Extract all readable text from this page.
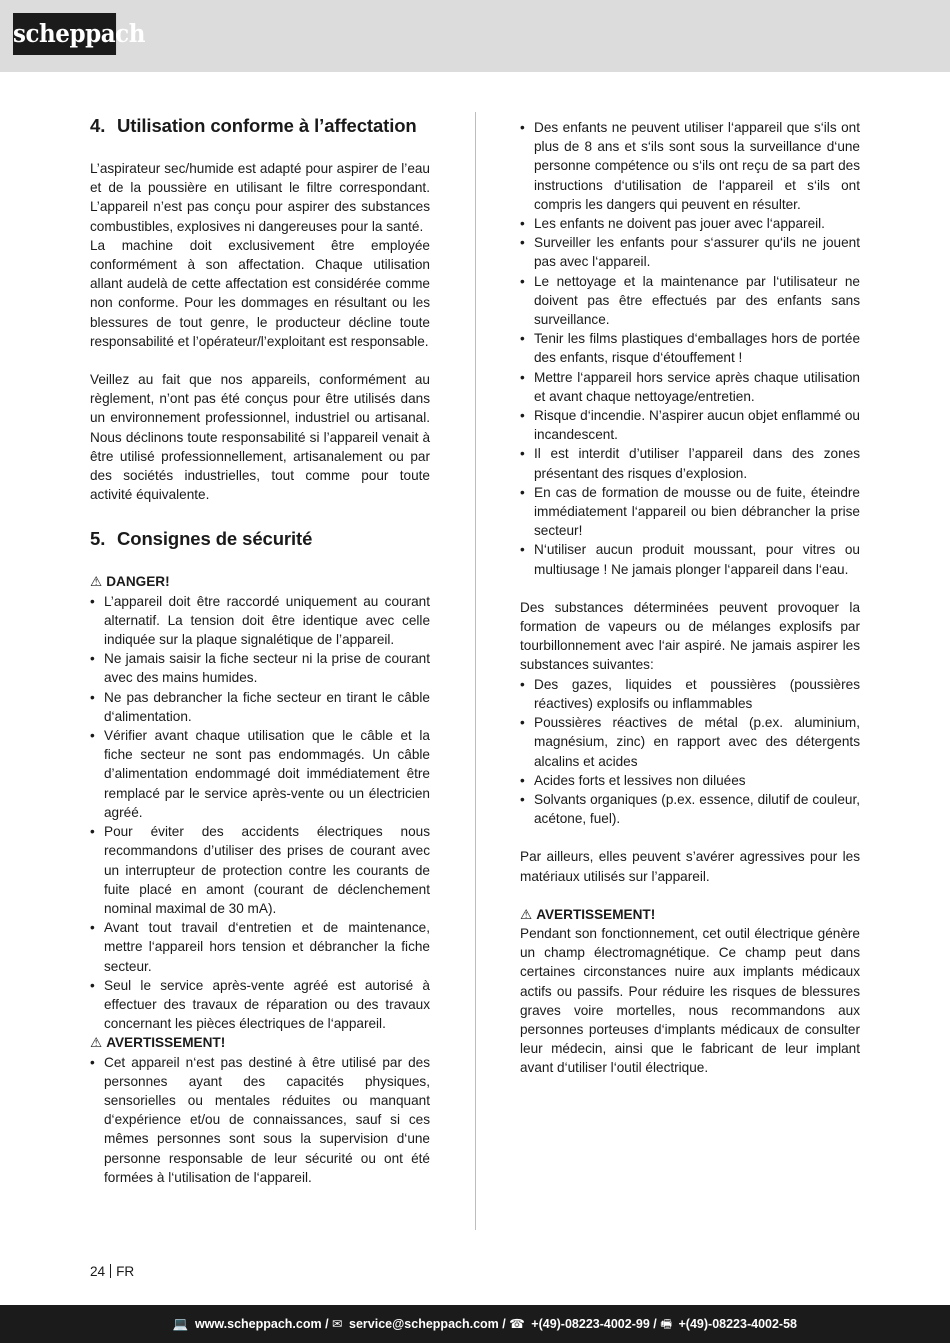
scheppach
4. Utilisation conforme à l’affectation

L’aspirateur sec/humide est adapté pour aspirer de l’eau et de la poussière en utilisant le filtre correspondant. L’appareil n’est pas conçu pour aspirer des substances combustibles, explosives ni dangereuses pour la santé.

La machine doit exclusivement être employée conformément à son affectation. Chaque utilisation allant audelà de cette affectation est considérée comme non conforme. Pour les dommages en résultant ou les blessures de tout genre, le producteur décline toute responsabilité et l’opérateur/l’exploitant est responsable.

Veillez au fait que nos appareils, conformément au règlement, n’ont pas été conçus pour être utilisés dans un environnement professionnel, industriel ou artisanal. Nous déclinons toute responsabilité si l’appareil venait à être utilisé professionnellement, artisanalement ou par des sociétés industrielles, tout comme pour toute activité équivalente.

5. Consignes de sécurité

⚠ DANGER!

• L’appareil doit être raccordé uniquement au courant alternatif. La tension doit être identique avec celle indiquée sur la plaque signalétique de l’appareil.
• Ne jamais saisir la fiche secteur ni la prise de courant avec des mains humides.
• Ne pas debrancher la fiche secteur en tirant le câble d‘alimentation.
• Vérifier avant chaque utilisation que le câble et la fiche secteur ne sont pas endommagés. Un câble d’alimentation endommagé doit immédiatement être remplacé par le service après-vente ou un électricien agréé.
• Pour éviter des accidents électriques nous recommandons d’utiliser des prises de courant avec un interrupteur de protection contre les courants de fuite placé en amont (courant de déclenchement nominal maximal de 30 mA).
• Avant tout travail d‘entretien et de maintenance, mettre l‘appareil hors tension et débrancher la fiche secteur.
• Seul le service après-vente agréé est autorisé à effectuer des travaux de réparation ou des travaux concernant les pièces électriques de l‘appareil.

⚠ AVERTISSEMENT!

• Cet appareil n‘est pas destiné à être utilisé par des personnes ayant des capacités physiques, sensorielles ou mentales réduites ou manquant d‘expérience et/ou de connaissances, sauf si ces mêmes personnes sont sous la supervision d‘une personne responsable de leur sécurité ou ont été formées à l‘utilisation de l‘appareil.
• Des enfants ne peuvent utiliser l‘appareil que s‘ils ont plus de 8 ans et s‘ils sont sous la surveillance d‘une personne compétence ou s‘ils ont reçu de sa part des instructions d‘utilisation de l‘appareil et s‘ils ont compris les dangers qui peuvent en résulter.
• Les enfants ne doivent pas jouer avec l‘appareil.
• Surveiller les enfants pour s‘assurer qu‘ils ne jouent pas avec l‘appareil.
• Le nettoyage et la maintenance par l‘utilisateur ne doivent pas être effectués par des enfants sans surveillance.
• Tenir les films plastiques d‘emballages hors de portée des enfants, risque d‘étouffement !
• Mettre l‘appareil hors service après chaque utilisation et avant chaque nettoyage/entretien.
• Risque d‘incendie. N’aspirer aucun objet enflammé ou incandescent.
• Il est interdit d’utiliser l’appareil dans des zones présentant des risques d’explosion.
• En cas de formation de mousse ou de fuite, éteindre immédiatement l‘appareil ou bien débrancher la prise secteur!
• N‘utiliser aucun produit moussant, pour vitres ou multiusage ! Ne jamais plonger l‘appareil dans l‘eau.

Des substances déterminées peuvent provoquer la formation de vapeurs ou de mélanges explosifs par tourbillonnement avec l‘air aspiré. Ne jamais aspirer les substances suivantes:

• Des gazes, liquides et poussières (poussières réactives) explosifs ou inflammables
• Poussières réactives de métal (p.ex. aluminium, magnésium, zinc) en rapport avec des détergents alcalins et acides
• Acides forts et lessives non diluées
• Solvants organiques (p.ex. essence, dilutif de couleur, acétone, fuel).

Par ailleurs, elles peuvent s’avérer agressives pour les matériaux utilisés sur l’appareil.

⚠ AVERTISSEMENT!

Pendant son fonctionnement, cet outil électrique génère un champ électromagnétique. Ce champ peut dans certaines circonstances nuire aux implants médicaux actifs ou passifs. Pour réduire les risques de blessures graves voire mortelles, nous recommandons aux personnes porteuses d‘implants médicaux de consulter leur médecin, ainsi que le fabricant de leur implant avant d‘utiliser l‘outil électrique.

24 FR
💻 www.scheppach.com / ✉ service@scheppach.com / ☎ +(49)-08223-4002-99 / 🖷 +(49)-08223-4002-58
